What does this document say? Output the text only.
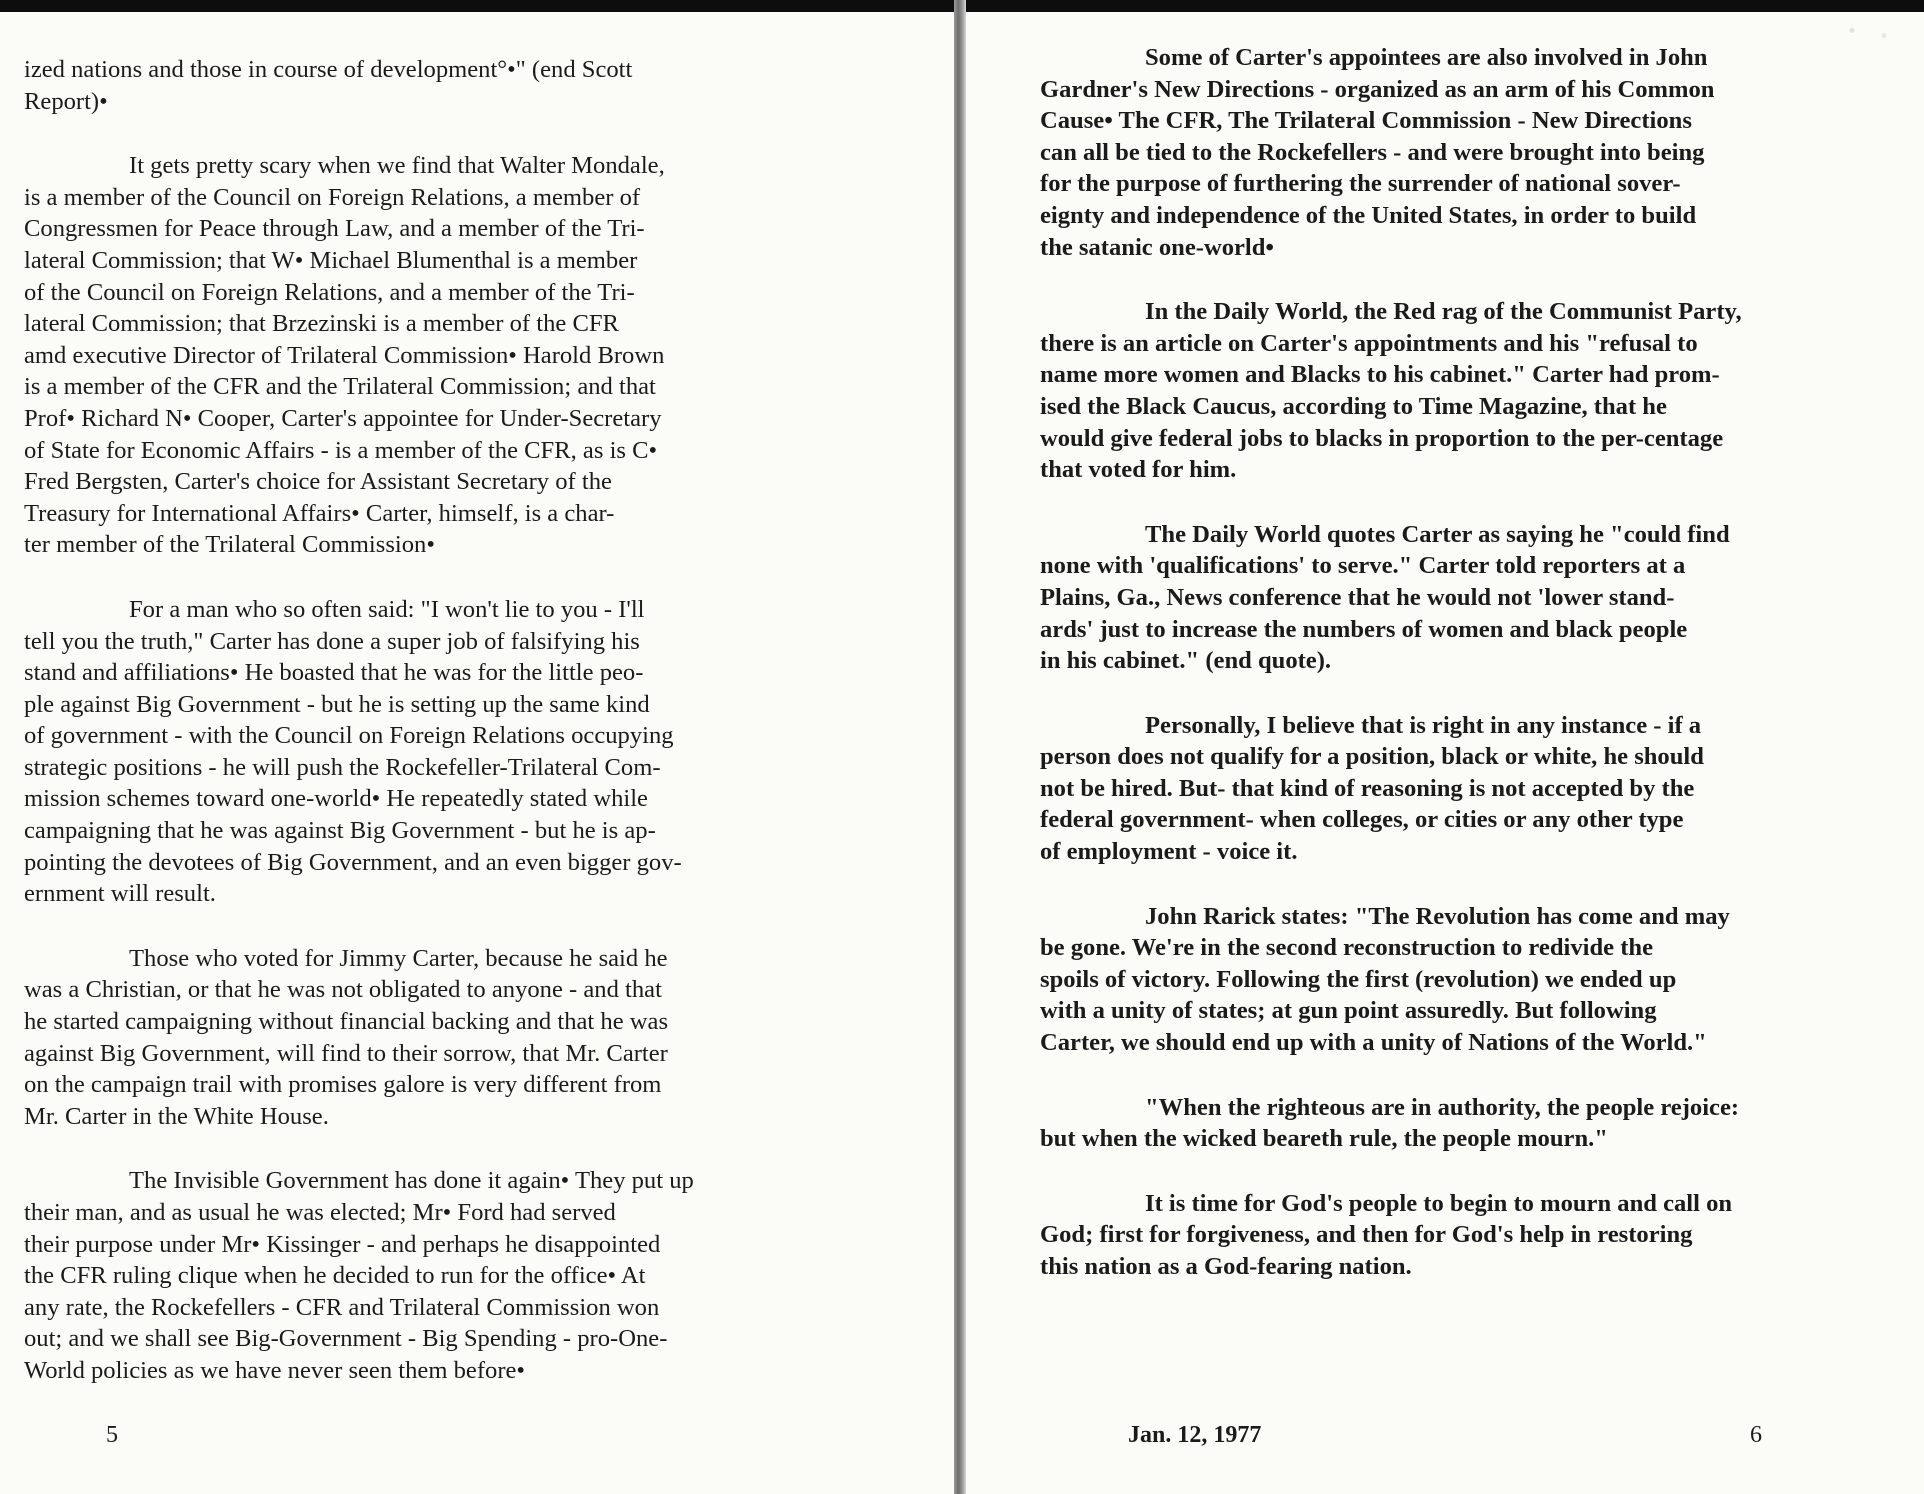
ized nations and those in course of development°•" (end Scott
Report)•
It gets pretty scary when we find that Walter Mondale,
is a member of the Council on Foreign Relations, a member of
Congressmen for Peace through Law, and a member of the Tri-
lateral Commission; that W• Michael Blumenthal is a member
of the Council on Foreign Relations, and a member of the Tri-
lateral Commission; that Brzezinski is a member of the CFR
amd executive Director of Trilateral Commission• Harold Brown
is a member of the CFR and the Trilateral Commission; and that
Prof• Richard N• Cooper, Carter's appointee for Under-Secretary
of State for Economic Affairs - is a member of the CFR, as is C•
Fred Bergsten, Carter's choice for Assistant Secretary of the
Treasury for International Affairs• Carter, himself, is a char-
ter member of the Trilateral Commission•
For a man who so often said: "I won't lie to you - I'll
tell you the truth," Carter has done a super job of falsifying his
stand and affiliations• He boasted that he was for the little peo-
ple against Big Government - but he is setting up the same kind
of government - with the Council on Foreign Relations occupying
strategic positions - he will push the Rockefeller-Trilateral Com-
mission schemes toward one-world• He repeatedly stated while
campaigning that he was against Big Government - but he is ap-
pointing the devotees of Big Government, and an even bigger gov-
ernment will result.
Those who voted for Jimmy Carter, because he said he
was a Christian, or that he was not obligated to anyone - and that
he started campaigning without financial backing and that he was
against Big Government, will find to their sorrow, that Mr. Carter
on the campaign trail with promises galore is very different from
Mr. Carter in the White House.
The Invisible Government has done it again• They put up
their man, and as usual he was elected; Mr• Ford had served
their purpose under Mr• Kissinger - and perhaps he disappointed
the CFR ruling clique when he decided to run for the office• At
any rate, the Rockefellers - CFR and Trilateral Commission won
out; and we shall see Big-Government - Big Spending - pro-One-
World policies as we have never seen them before•
5
Some of Carter's appointees are also involved in John
Gardner's New Directions - organized as an arm of his Common
Cause• The CFR, The Trilateral Commission - New Directions
can all be tied to the Rockefellers - and were brought into being
for the purpose of furthering the surrender of national sover-
eignty and independence of the United States, in order to build
the satanic one-world•
In the Daily World, the Red rag of the Communist Party,
there is an article on Carter's appointments and his "refusal to
name more women and Blacks to his cabinet." Carter had prom-
ised the Black Caucus, according to Time Magazine, that he
would give federal jobs to blacks in proportion to the per-centage
that voted for him.
The Daily World quotes Carter as saying he "could find
none with 'qualifications' to serve." Carter told reporters at a
Plains, Ga., News conference that he would not 'lower stand-
ards' just to increase the numbers of women and black people
in his cabinet." (end quote).
Personally, I believe that is right in any instance - if a
person does not qualify for a position, black or white, he should
not be hired. But- that kind of reasoning is not accepted by the
federal government- when colleges, or cities or any other type
of employment - voice it.
John Rarick states: "The Revolution has come and may
be gone. We're in the second reconstruction to redivide the
spoils of victory. Following the first (revolution) we ended up
with a unity of states; at gun point assuredly. But following
Carter, we should end up with a unity of Nations of the World."
"When the righteous are in authority, the people rejoice:
but when the wicked beareth rule, the people mourn."
It is time for God's people to begin to mourn and call on
God; first for forgiveness, and then for God's help in restoring
this nation as a God-fearing nation.
Jan. 12, 1977	6
